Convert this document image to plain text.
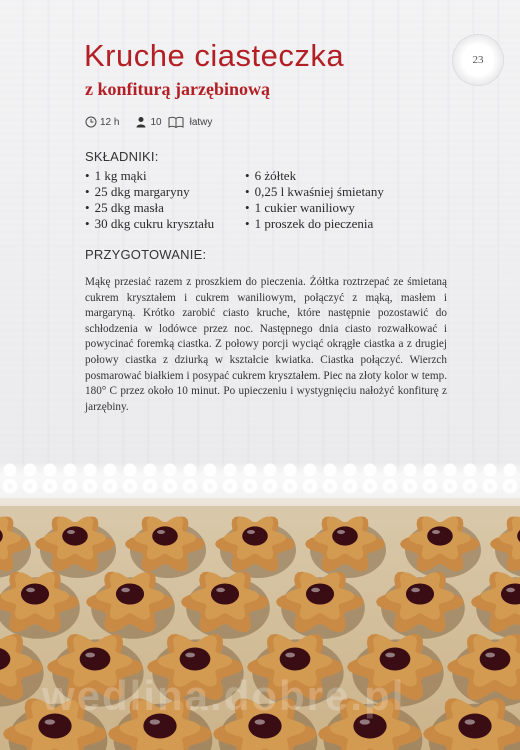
23
Kruche ciasteczka
z konfiturą jarzębinową
12 h	10	łatwy
SKŁADNIKI:
• 1 kg mąki
• 25 dkg margaryny
• 25 dkg masła
• 30 dkg cukru kryształu
• 6 żółtek
• 0,25 l kwaśniej śmietany
• 1 cukier waniliowy
• 1 proszek do pieczenia
PRZYGOTOWANIE:

Mąkę przesiać razem z proszkiem do pieczenia. Żółtka roztrzepać ze śmietaną cukrem kryształem i cukrem waniliowym, połączyć z mąką, masłem i margaryną. Krótko zarobić ciasto kruche, które następnie pozostawić do schłodzenia w lodówce przez noc. Następnego dnia ciasto rozwałkować i powycinać foremką ciastka. Z połowy porcji wyciąć okrągłe ciastka a z drugiej połowy ciastka z dziurką w kształcie kwiatka. Ciastka połączyć. Wierzch posmarować białkiem i posypać cukrem kryształem. Piec na złoty kolor w temp. 180° C przez około 10 minut. Po upieczeniu i wystygnięciu nałożyć konfiturę z jarzębiny.

wedlina.dobre.pl
